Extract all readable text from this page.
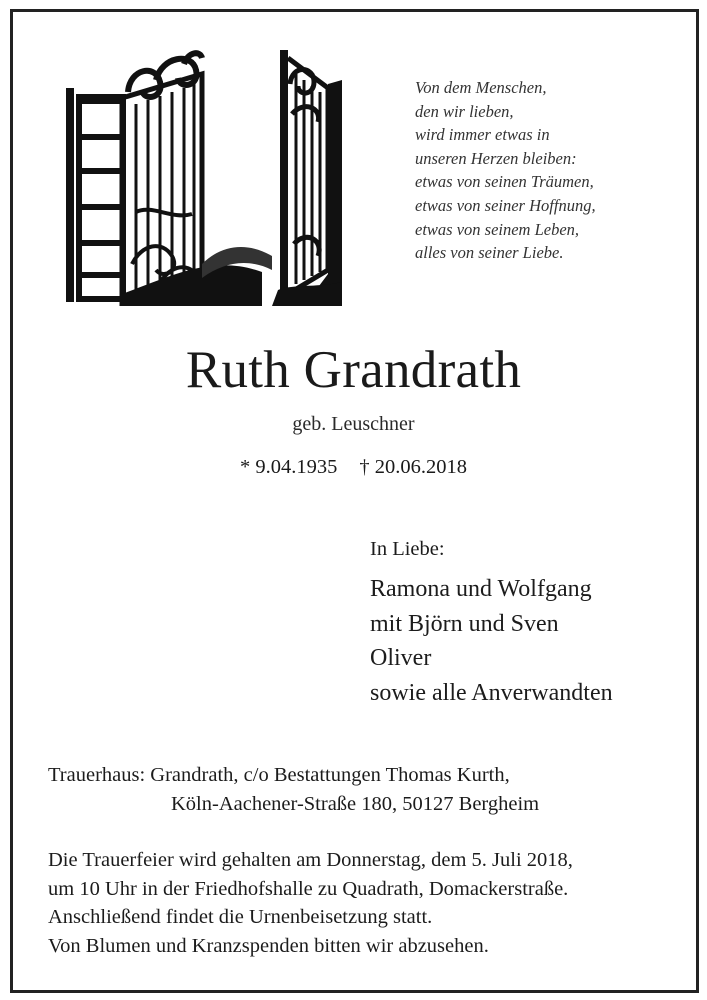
Von dem Menschen,
den wir lieben,
wird immer etwas in
unseren Herzen bleiben:
etwas von seinen Träumen,
etwas von seiner Hoffnung,
etwas von seinem Leben,
alles von seiner Liebe.
Ruth Grandrath
geb. Leuschner
* 9.04.1935 † 20.06.2018
In Liebe:
Ramona und Wolfgang
mit Björn und Sven
Oliver
sowie alle Anverwandten
Trauerhaus: Grandrath, c/o Bestattungen Thomas Kurth,
Köln-Aachener-Straße 180, 50127 Bergheim
Die Trauerfeier wird gehalten am Donnerstag, dem 5. Juli 2018,
um 10 Uhr in der Friedhofshalle zu Quadrath, Domackerstraße.
Anschließend findet die Urnenbeisetzung statt.
Von Blumen und Kranzspenden bitten wir abzusehen.
